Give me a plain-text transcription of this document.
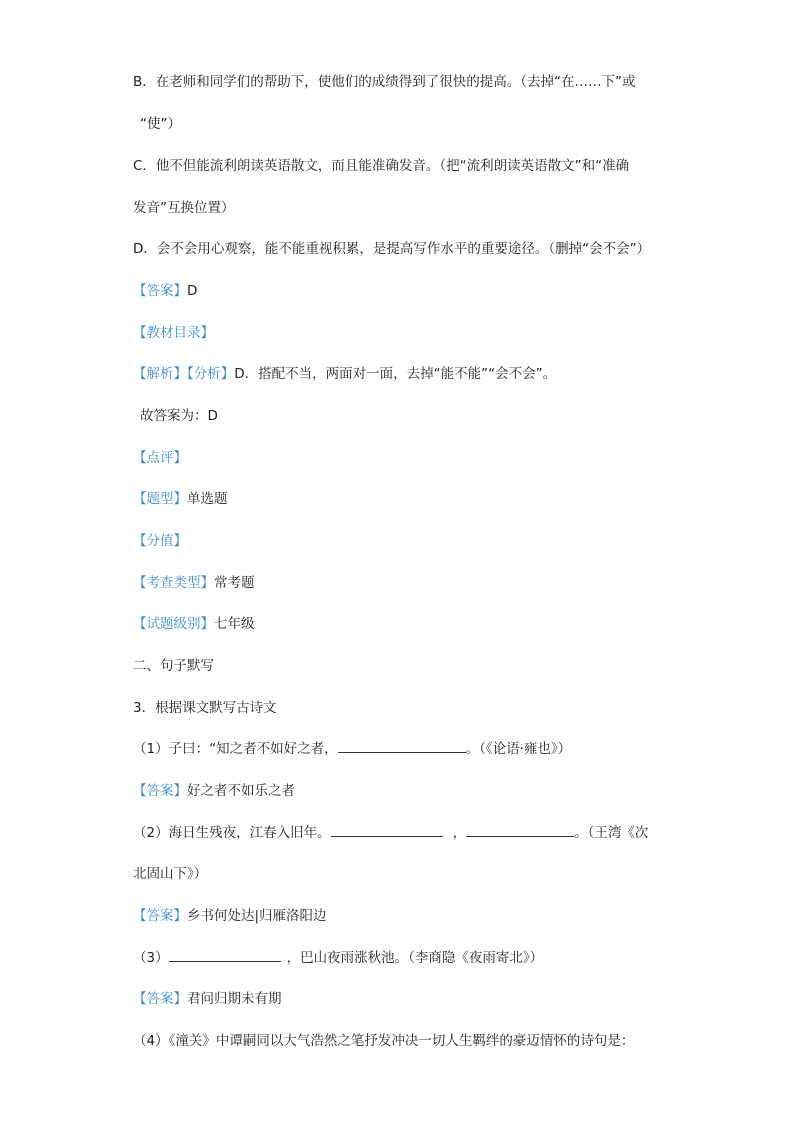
B．在老师和同学们的帮助下，使他们的成绩得到了很快的提高。（去掉“在……下”或
“使”）
C．他不但能流利朗读英语散文，而且能准确发音。（把“流利朗读英语散文”和“准确
发音”互换位置）
D．会不会用心观察，能不能重视积累，是提高写作水平的重要途径。（删掉“会不会”）
【答案】D
【教材目录】
【解析】【分析】D．搭配不当，两面对一面，去掉“能不能”“会不会”。
故答案为：D
【点评】
【题型】单选题
【分值】
【考查类型】常考题
【试题级别】七年级
二、句子默写
3．根据课文默写古诗文
（1）子曰：“知之者不如好之者，	。（《论语·雍也》）
【答案】好之者不如乐之者
（2）海日生残夜，江春入旧年。	，	。（王湾《次
北固山下》）
【答案】乡书何处达|归雁洛阳边
（3）	，巴山夜雨涨秋池。（李商隐《夜雨寄北》）
【答案】君问归期未有期
（4）《潼关》中谭嗣同以大气浩然之笔抒发冲决一切人生羁绊的豪迈情怀的诗句是：
